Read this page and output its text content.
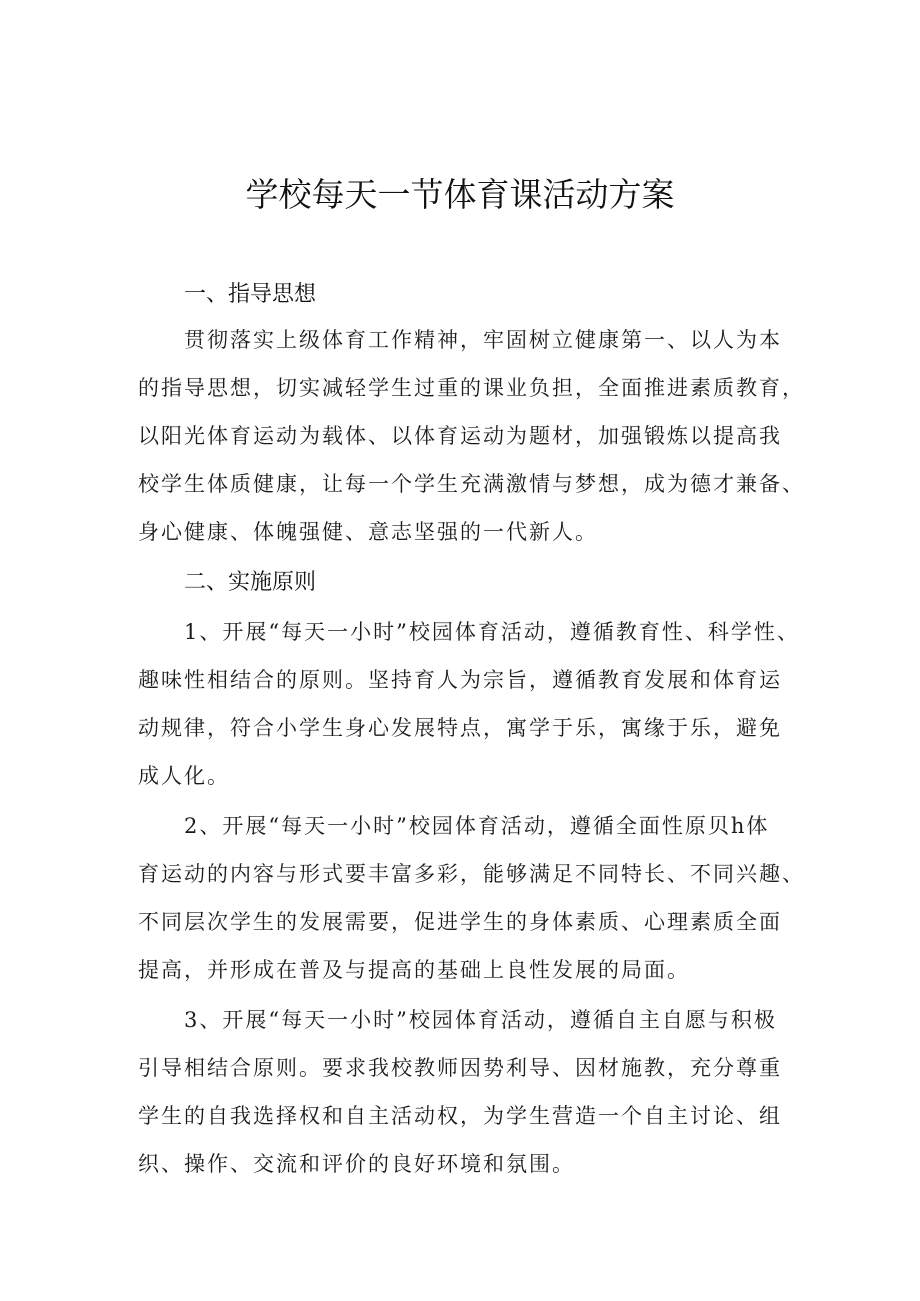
学校每天一节体育课活动方案
一、指导思想
贯彻落实上级体育工作精神，牢固树立健康第一、以人为本
的指导思想，切实减轻学生过重的课业负担，全面推进素质教育，
以阳光体育运动为载体、以体育运动为题材，加强锻炼以提高我
校学生体质健康，让每一个学生充满激情与梦想，成为德才兼备、
身心健康、体魄强健、意志坚强的一代新人。
二、实施原则
1、开展“每天一小时”校园体育活动，遵循教育性、科学性、
趣味性相结合的原则。坚持育人为宗旨，遵循教育发展和体育运
动规律，符合小学生身心发展特点，寓学于乐，寓缘于乐，避免
成人化。
2、开展“每天一小时”校园体育活动，遵循全面性原贝h体
育运动的内容与形式要丰富多彩，能够满足不同特长、不同兴趣、
不同层次学生的发展需要，促进学生的身体素质、心理素质全面
提高，并形成在普及与提高的基础上良性发展的局面。
3、开展“每天一小时”校园体育活动，遵循自主自愿与积极
引导相结合原则。要求我校教师因势利导、因材施教，充分尊重
学生的自我选择权和自主活动权，为学生营造一个自主讨论、组
织、操作、交流和评价的良好环境和氛围。
